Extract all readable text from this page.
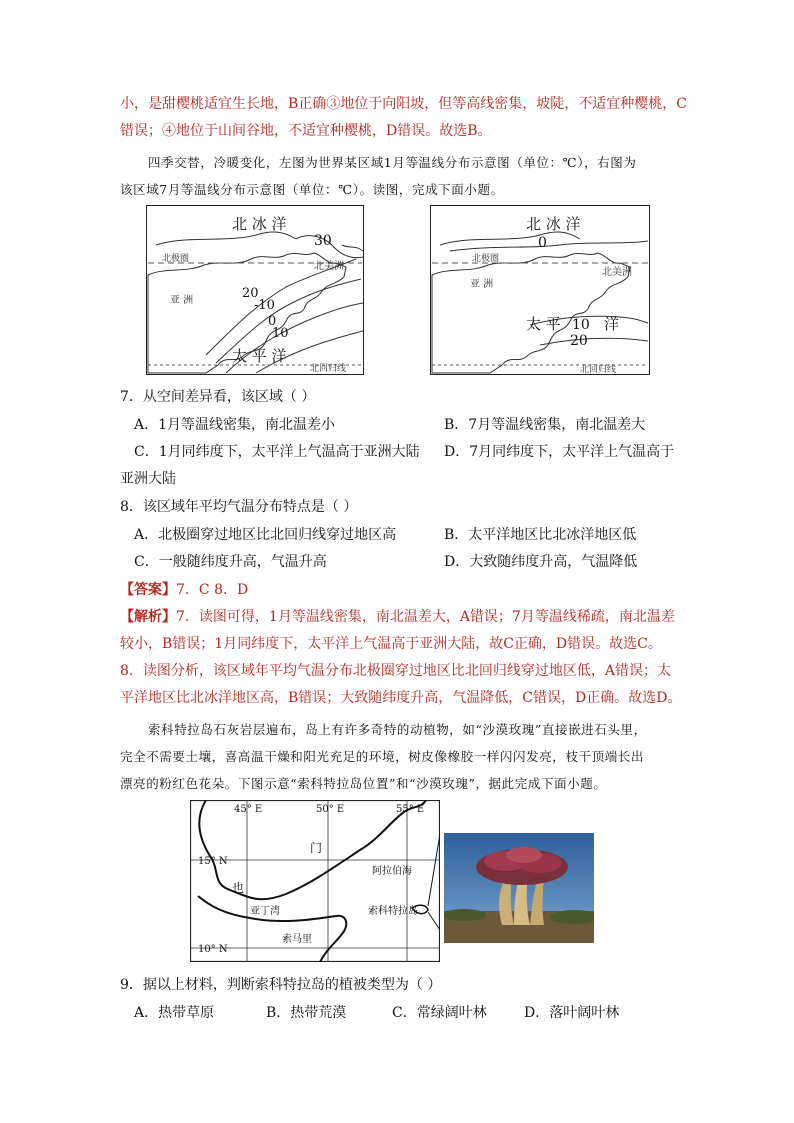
小，是甜樱桃适宜生长地，B正确③地位于向阳坡，但等高线密集，坡陡，不适宜种樱桃，C
错误；④地位于山间谷地，不适宜种樱桃，D错误。故选B。
四季交替，冷暖变化，左图为世界某区域1月等温线分布示意图（单位：℃），右图为
该区域7月等温线分布示意图（单位：℃）。读图，完成下面小题。
北 冰 洋
30
北极圈
北美洲
亚 洲	20
-10
0
10
太 平 洋
北回归线
北 冰 洋
0
北极圈
北美洲
亚 洲
太 平 10 洋
20
北回归线
7．从空间差异看，该区域（ ）
A．1月等温线密集，南北温差小	B．7月等温线密集，南北温差大
C．1月同纬度下，太平洋上气温高于亚洲大陆 D．7月同纬度下，太平洋上气温高于
亚洲大陆
8．该区域年平均气温分布特点是（ ）
A．北极圈穿过地区比北回归线穿过地区高	B．太平洋地区比北冰洋地区低
C．一般随纬度升高，气温升高	D．大致随纬度升高，气温降低
【答案】7．C 8．D
【解析】7．读图可得，1月等温线密集，南北温差大，A错误；7月等温线稀疏，南北温差
较小，B错误；1月同纬度下，太平洋上气温高于亚洲大陆，故C正确，D错误。故选C。
8．读图分析，该区域年平均气温分布北极圈穿过地区比北回归线穿过地区低，A错误；太
平洋地区比北冰洋地区高，B错误；大致随纬度升高，气温降低，C错误，D正确。故选D。
索科特拉岛石灰岩层遍布，岛上有许多奇特的动植物，如“沙漠玫瑰”直接嵌进石头里，
完全不需要土壤，喜高温干燥和阳光充足的环境，树皮像橡胶一样闪闪发亮，枝干顶端长出
漂亮的粉红色花朵。下图示意“索科特拉岛位置”和“沙漠玫瑰”，据此完成下面小题。
45° E	50° E	55° E
15° N
10° N
门
也
阿拉伯海
亚丁湾	索科特拉岛
索马里
9．据以上材料，判断索科特拉岛的植被类型为（ ）
A．热带草原	B．热带荒漠	C．常绿阔叶林	D．落叶阔叶林
